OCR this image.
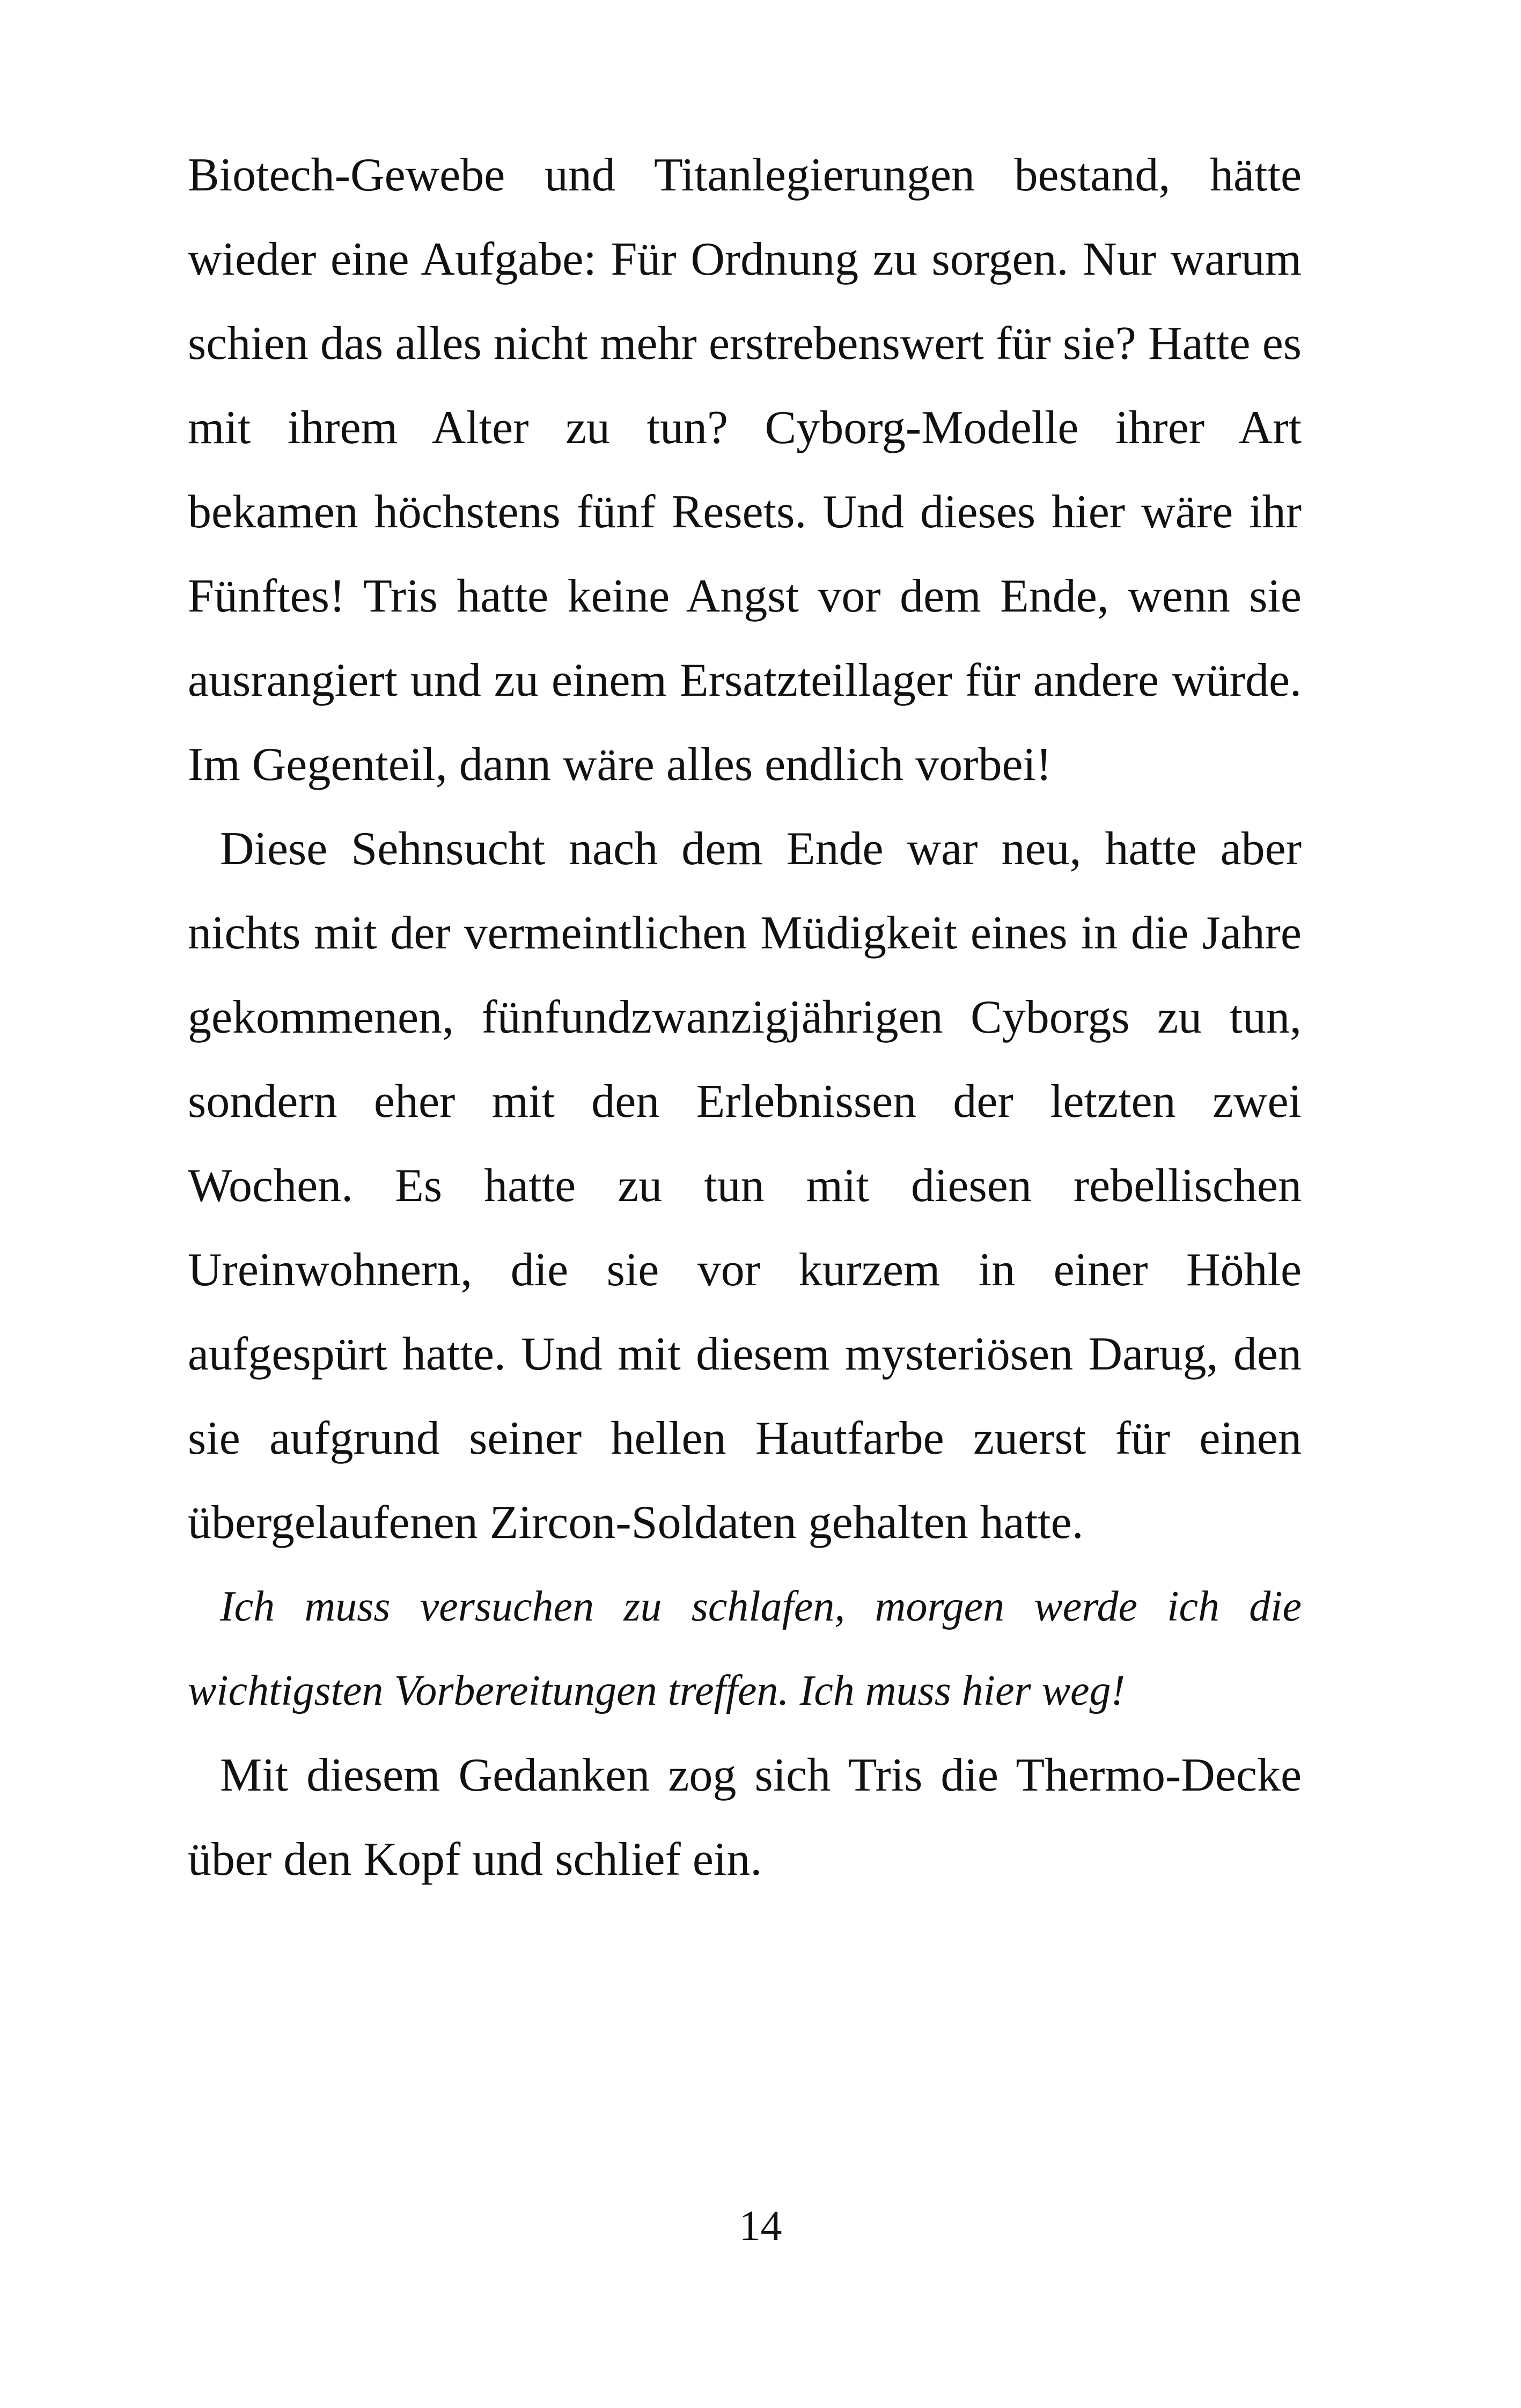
Biotech-Gewebe und Titanlegierungen bestand, hätte wieder eine Aufgabe: Für Ordnung zu sorgen. Nur warum schien das alles nicht mehr erstrebenswert für sie? Hatte es mit ihrem Alter zu tun? Cyborg-Modelle ihrer Art bekamen höchstens fünf Resets. Und dieses hier wäre ihr Fünftes! Tris hatte keine Angst vor dem Ende, wenn sie ausrangiert und zu einem Ersatzteillager für andere würde. Im Gegenteil, dann wäre alles endlich vorbei!

Diese Sehnsucht nach dem Ende war neu, hatte aber nichts mit der vermeintlichen Müdigkeit eines in die Jahre gekommenen, fünfundzwanzigjährigen Cyborgs zu tun, sondern eher mit den Erlebnissen der letzten zwei Wochen. Es hatte zu tun mit diesen rebellischen Ureinwohnern, die sie vor kurzem in einer Höhle aufgespürt hatte. Und mit diesem mysteriösen Darug, den sie aufgrund seiner hellen Hautfarbe zuerst für einen übergelaufenen Zircon-Soldaten gehalten hatte.

Ich muss versuchen zu schlafen, morgen werde ich die wichtigsten Vorbereitungen treffen. Ich muss hier weg!

Mit diesem Gedanken zog sich Tris die Thermo-Decke über den Kopf und schlief ein.

14
